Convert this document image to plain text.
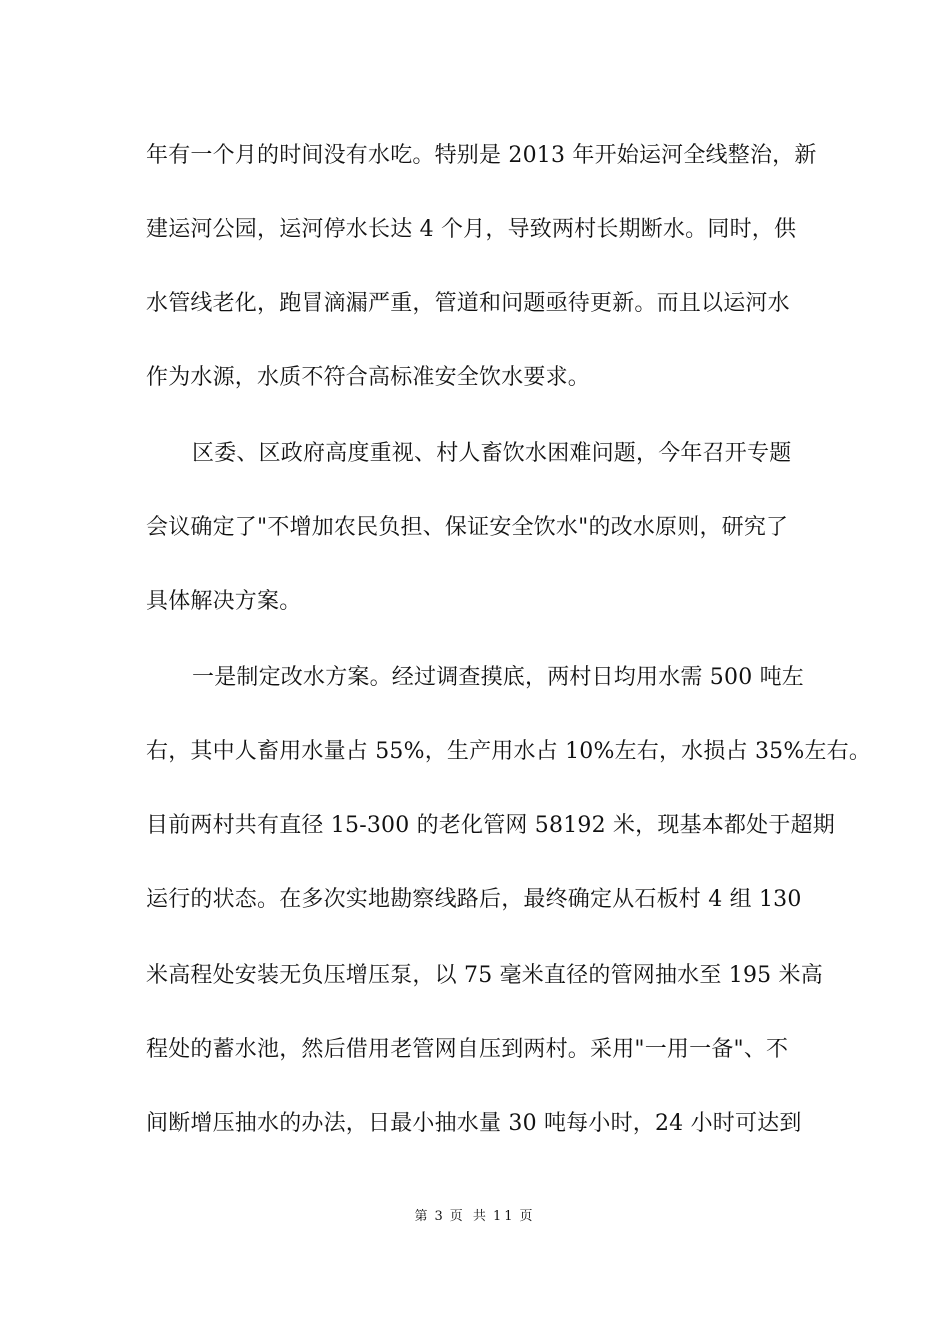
年有一个月的时间没有水吃。特别是 2013 年开始运河全线整治，新
建运河公园，运河停水长达 4 个月，导致两村长期断水。同时，供
水管线老化，跑冒滴漏严重，管道和问题亟待更新。而且以运河水
作为水源，水质不符合高标准安全饮水要求。
区委、区政府高度重视、村人畜饮水困难问题，今年召开专题
会议确定了"不增加农民负担、保证安全饮水"的改水原则，研究了
具体解决方案。
一是制定改水方案。经过调查摸底，两村日均用水需 500 吨左
右，其中人畜用水量占 55%，生产用水占 10%左右，水损占 35%左右。
目前两村共有直径 15-300 的老化管网 58192 米，现基本都处于超期
运行的状态。在多次实地勘察线路后，最终确定从石板村 4 组 130
米高程处安装无负压增压泵，以 75 毫米直径的管网抽水至 195 米高
程处的蓄水池，然后借用老管网自压到两村。采用"一用一备"、不
间断增压抽水的办法，日最小抽水量 30 吨每小时，24 小时可达到
第 3 页 共 11 页
